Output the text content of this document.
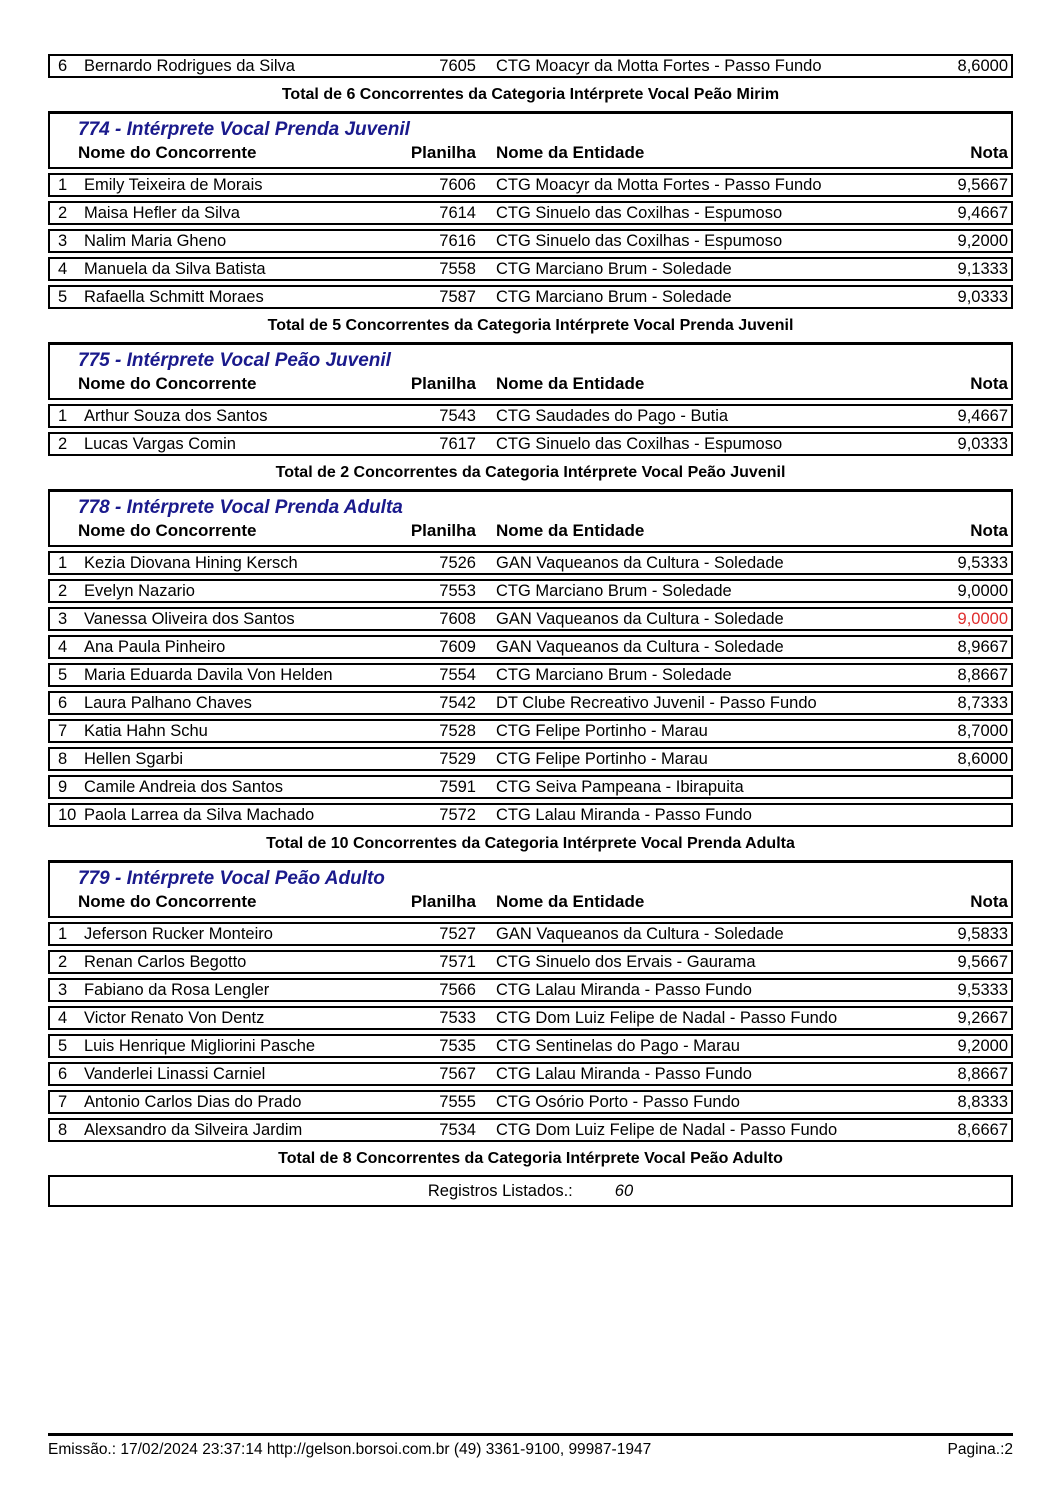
6	Bernardo Rodrigues da Silva	7605 CTG Moacyr da Motta Fortes - Passo Fundo	8,6000
Total de 6 Concorrentes da Categoria Intérprete Vocal Peão Mirim
774 - Intérprete Vocal Prenda Juvenil
Nome do Concorrente	Planilha Nome da Entidade	Nota
1	Emily Teixeira de Morais	7606 CTG Moacyr da Motta Fortes - Passo Fundo	9,5667
2	Maisa Hefler da Silva	7614 CTG Sinuelo das Coxilhas - Espumoso	9,4667
3	Nalim Maria Gheno	7616 CTG Sinuelo das Coxilhas - Espumoso	9,2000
4	Manuela da Silva Batista	7558 CTG Marciano Brum - Soledade	9,1333
5	Rafaella Schmitt Moraes	7587 CTG Marciano Brum - Soledade	9,0333
Total de 5 Concorrentes da Categoria Intérprete Vocal Prenda Juvenil
775 - Intérprete Vocal Peão Juvenil
Nome do Concorrente	Planilha Nome da Entidade	Nota
1	Arthur Souza dos Santos	7543 CTG Saudades do Pago - Butia	9,4667
2	Lucas Vargas Comin	7617 CTG Sinuelo das Coxilhas - Espumoso	9,0333
Total de 2 Concorrentes da Categoria Intérprete Vocal Peão Juvenil
778 - Intérprete Vocal Prenda Adulta
Nome do Concorrente	Planilha Nome da Entidade	Nota
1	Kezia Diovana Hining Kersch	7526 GAN Vaqueanos da Cultura - Soledade	9,5333
2	Evelyn Nazario	7553 CTG Marciano Brum - Soledade	9,0000
3	Vanessa Oliveira dos Santos	7608 GAN Vaqueanos da Cultura - Soledade	9,0000
4	Ana Paula Pinheiro	7609 GAN Vaqueanos da Cultura - Soledade	8,9667
5	Maria Eduarda Davila Von Helden	7554 CTG Marciano Brum - Soledade	8,8667
6	Laura Palhano Chaves	7542 DT Clube Recreativo Juvenil - Passo Fundo	8,7333
7	Katia Hahn Schu	7528 CTG Felipe Portinho - Marau	8,7000
8	Hellen Sgarbi	7529 CTG Felipe Portinho - Marau	8,6000
9	Camile Andreia dos Santos	7591 CTG Seiva Pampeana - Ibirapuita
10 Paola Larrea da Silva Machado	7572 CTG Lalau Miranda - Passo Fundo
Total de 10 Concorrentes da Categoria Intérprete Vocal Prenda Adulta
779 - Intérprete Vocal Peão Adulto
Nome do Concorrente	Planilha Nome da Entidade	Nota
1	Jeferson Rucker Monteiro	7527 GAN Vaqueanos da Cultura - Soledade	9,5833
2	Renan Carlos Begotto	7571 CTG Sinuelo dos Ervais - Gaurama	9,5667
3	Fabiano da Rosa Lengler	7566 CTG Lalau Miranda - Passo Fundo	9,5333
4	Victor Renato Von Dentz	7533 CTG Dom Luiz Felipe de Nadal - Passo Fundo	9,2667
5	Luis Henrique Migliorini Pasche	7535 CTG Sentinelas do Pago - Marau	9,2000
6	Vanderlei Linassi Carniel	7567 CTG Lalau Miranda - Passo Fundo	8,8667
7	Antonio Carlos Dias do Prado	7555 CTG Osório Porto - Passo Fundo	8,8333
8	Alexsandro da Silveira Jardim	7534 CTG Dom Luiz Felipe de Nadal - Passo Fundo	8,6667
Total de 8 Concorrentes da Categoria Intérprete Vocal Peão Adulto
Registros Listados.:	60
Emissão.: 17/02/2024 23:37:14 http://gelson.borsoi.com.br (49) 3361-9100, 99987-1947	Pagina.:2
